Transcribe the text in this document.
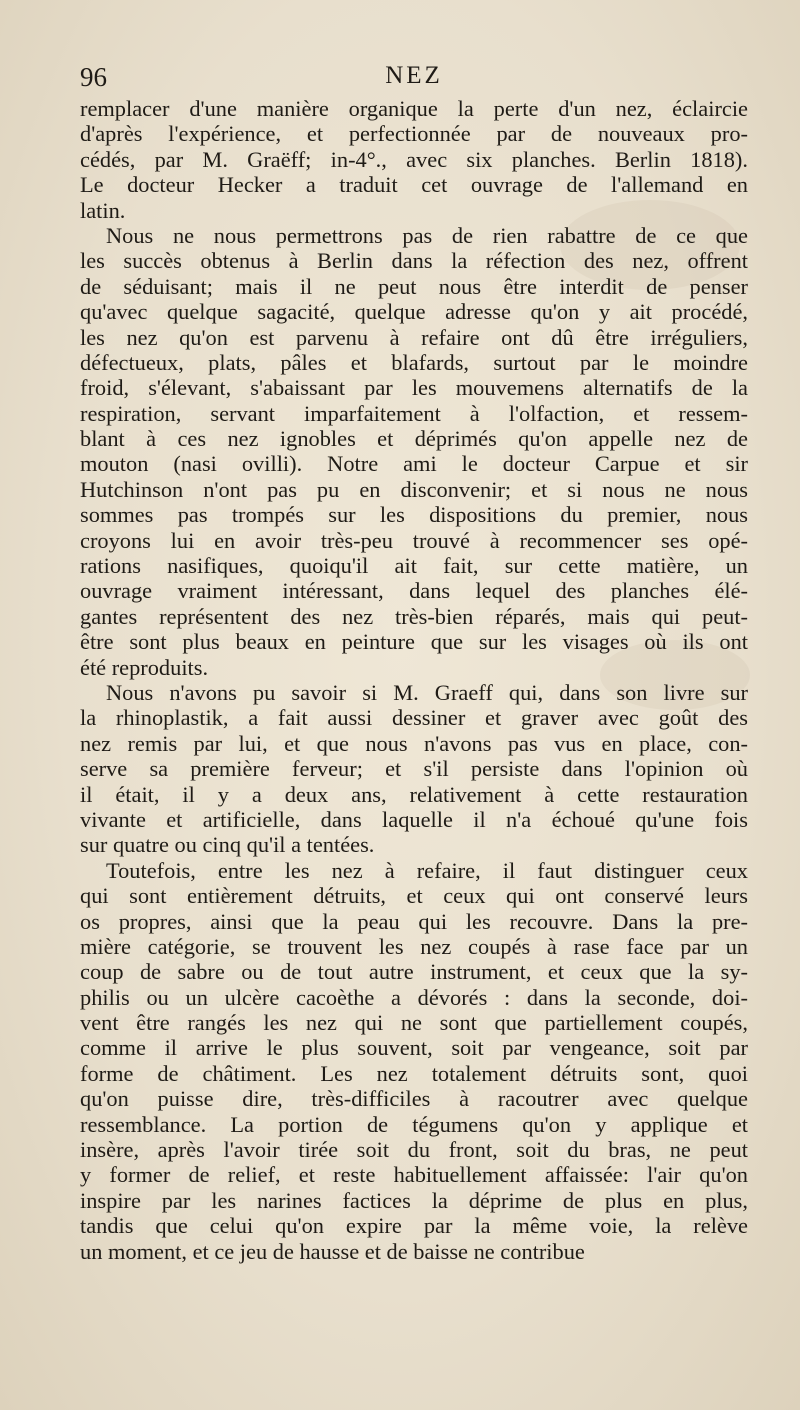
96	NEZ
remplacer d'une manière organique la perte d'un nez, éclaircie
d'après l'expérience, et perfectionnée par de nouveaux pro-
cédés, par M. Graëff; in-4°., avec six planches. Berlin 1818).
Le docteur Hecker a traduit cet ouvrage de l'allemand en
latin.
Nous ne nous permettrons pas de rien rabattre de ce que
les succès obtenus à Berlin dans la réfection des nez, offrent
de séduisant; mais il ne peut nous être interdit de penser
qu'avec quelque sagacité, quelque adresse qu'on y ait procédé,
les nez qu'on est parvenu à refaire ont dû être irréguliers,
défectueux, plats, pâles et blafards, surtout par le moindre
froid, s'élevant, s'abaissant par les mouvemens alternatifs de la
respiration, servant imparfaitement à l'olfaction, et ressem-
blant à ces nez ignobles et déprimés qu'on appelle nez de
mouton (nasi ovilli). Notre ami le docteur Carpue et sir
Hutchinson n'ont pas pu en disconvenir; et si nous ne nous
sommes pas trompés sur les dispositions du premier, nous
croyons lui en avoir très-peu trouvé à recommencer ses opé-
rations nasifiques, quoiqu'il ait fait, sur cette matière, un
ouvrage vraiment intéressant, dans lequel des planches élé-
gantes représentent des nez très-bien réparés, mais qui peut-
être sont plus beaux en peinture que sur les visages où ils ont
été reproduits.
Nous n'avons pu savoir si M. Graeff qui, dans son livre sur
la rhinoplastik, a fait aussi dessiner et graver avec goût des
nez remis par lui, et que nous n'avons pas vus en place, con-
serve sa première ferveur; et s'il persiste dans l'opinion où
il était, il y a deux ans, relativement à cette restauration
vivante et artificielle, dans laquelle il n'a échoué qu'une fois
sur quatre ou cinq qu'il a tentées.
Toutefois, entre les nez à refaire, il faut distinguer ceux
qui sont entièrement détruits, et ceux qui ont conservé leurs
os propres, ainsi que la peau qui les recouvre. Dans la pre-
mière catégorie, se trouvent les nez coupés à rase face par un
coup de sabre ou de tout autre instrument, et ceux que la sy-
philis ou un ulcère cacoèthe a dévorés : dans la seconde, doi-
vent être rangés les nez qui ne sont que partiellement coupés,
comme il arrive le plus souvent, soit par vengeance, soit par
forme de châtiment. Les nez totalement détruits sont, quoi
qu'on puisse dire, très-difficiles à racoutrer avec quelque
ressemblance. La portion de tégumens qu'on y applique et
insère, après l'avoir tirée soit du front, soit du bras, ne peut
y former de relief, et reste habituellement affaissée: l'air qu'on
inspire par les narines factices la déprime de plus en plus,
tandis que celui qu'on expire par la même voie, la relève
un moment, et ce jeu de hausse et de baisse ne contribue
